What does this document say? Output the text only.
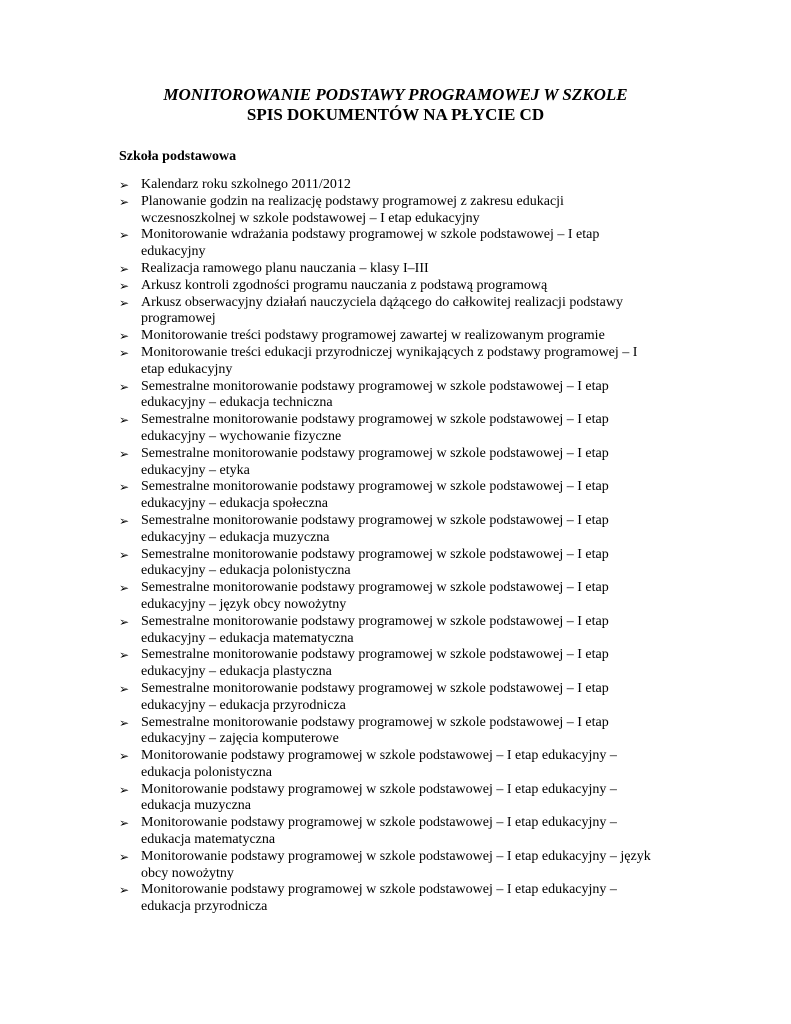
MONITOROWANIE PODSTAWY PROGRAMOWEJ W SZKOLE
SPIS DOKUMENTÓW NA PŁYCIE CD
Szkoła podstawowa
➢ Kalendarz roku szkolnego 2011/2012
➢ Planowanie godzin na realizację podstawy programowej z zakresu edukacji wczesnoszkolnej w szkole podstawowej – I etap edukacyjny
➢ Monitorowanie wdrażania podstawy programowej w szkole podstawowej – I etap edukacyjny
➢ Realizacja ramowego planu nauczania – klasy I–III
➢ Arkusz kontroli zgodności programu nauczania z podstawą programową
➢ Arkusz obserwacyjny działań nauczyciela dążącego do całkowitej realizacji podstawy programowej
➢ Monitorowanie treści podstawy programowej zawartej w realizowanym programie
➢ Monitorowanie treści edukacji przyrodniczej wynikających z podstawy programowej – I etap edukacyjny
➢ Semestralne monitorowanie podstawy programowej w szkole podstawowej – I etap edukacyjny – edukacja techniczna
➢ Semestralne monitorowanie podstawy programowej w szkole podstawowej – I etap edukacyjny – wychowanie fizyczne
➢ Semestralne monitorowanie podstawy programowej w szkole podstawowej – I etap edukacyjny – etyka
➢ Semestralne monitorowanie podstawy programowej w szkole podstawowej – I etap edukacyjny – edukacja społeczna
➢ Semestralne monitorowanie podstawy programowej w szkole podstawowej – I etap edukacyjny – edukacja muzyczna
➢ Semestralne monitorowanie podstawy programowej w szkole podstawowej – I etap edukacyjny – edukacja polonistyczna
➢ Semestralne monitorowanie podstawy programowej w szkole podstawowej – I etap edukacyjny – język obcy nowożytny
➢ Semestralne monitorowanie podstawy programowej w szkole podstawowej – I etap edukacyjny – edukacja matematyczna
➢ Semestralne monitorowanie podstawy programowej w szkole podstawowej – I etap edukacyjny – edukacja plastyczna
➢ Semestralne monitorowanie podstawy programowej w szkole podstawowej – I etap edukacyjny – edukacja przyrodnicza
➢ Semestralne monitorowanie podstawy programowej w szkole podstawowej – I etap edukacyjny – zajęcia komputerowe
➢ Monitorowanie podstawy programowej w szkole podstawowej – I etap edukacyjny – edukacja polonistyczna
➢ Monitorowanie podstawy programowej w szkole podstawowej – I etap edukacyjny – edukacja muzyczna
➢ Monitorowanie podstawy programowej w szkole podstawowej – I etap edukacyjny – edukacja matematyczna
➢ Monitorowanie podstawy programowej w szkole podstawowej – I etap edukacyjny – język obcy nowożytny
➢ Monitorowanie podstawy programowej w szkole podstawowej – I etap edukacyjny – edukacja przyrodnicza
